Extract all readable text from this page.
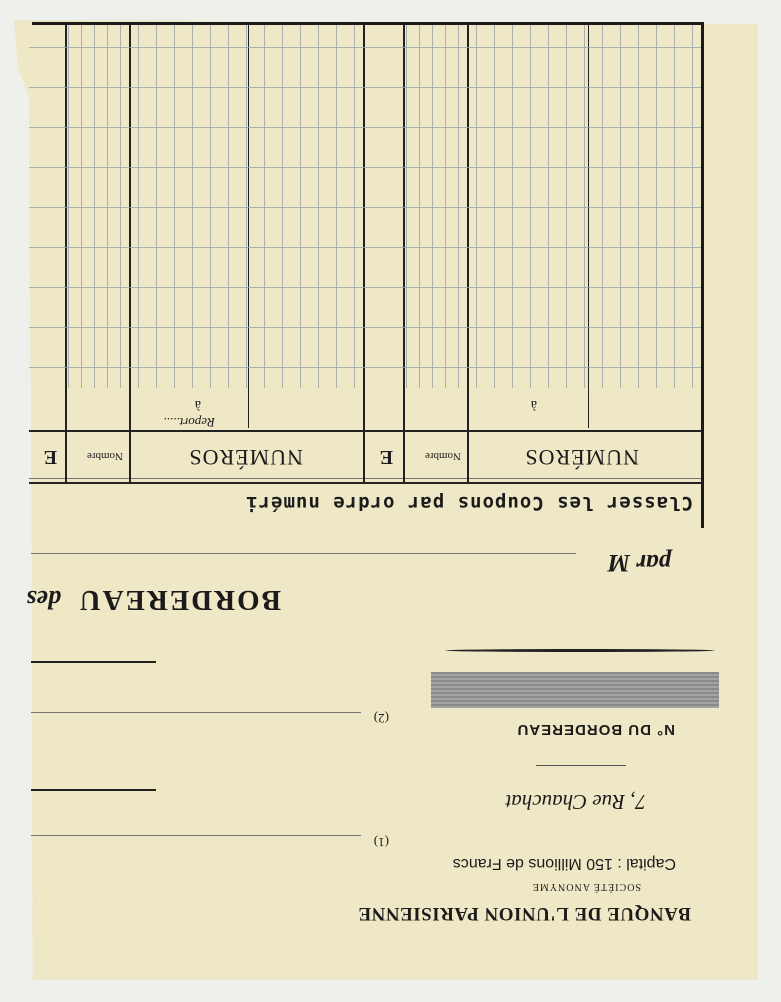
BANQUE DE L'UNION PARISIENNE
SOCIÉTÉ ANONYME
Capital : 150 Millions de Francs
7, Rue Chauchat
N° DU BORDEREAU
(1)
(2)
BORDEREAU
des
par M
Classer les Coupons par ordre numéri
NUMÉROS
Nombre
E
à
NUMÉROS
Nombre
E
à
Report.....
